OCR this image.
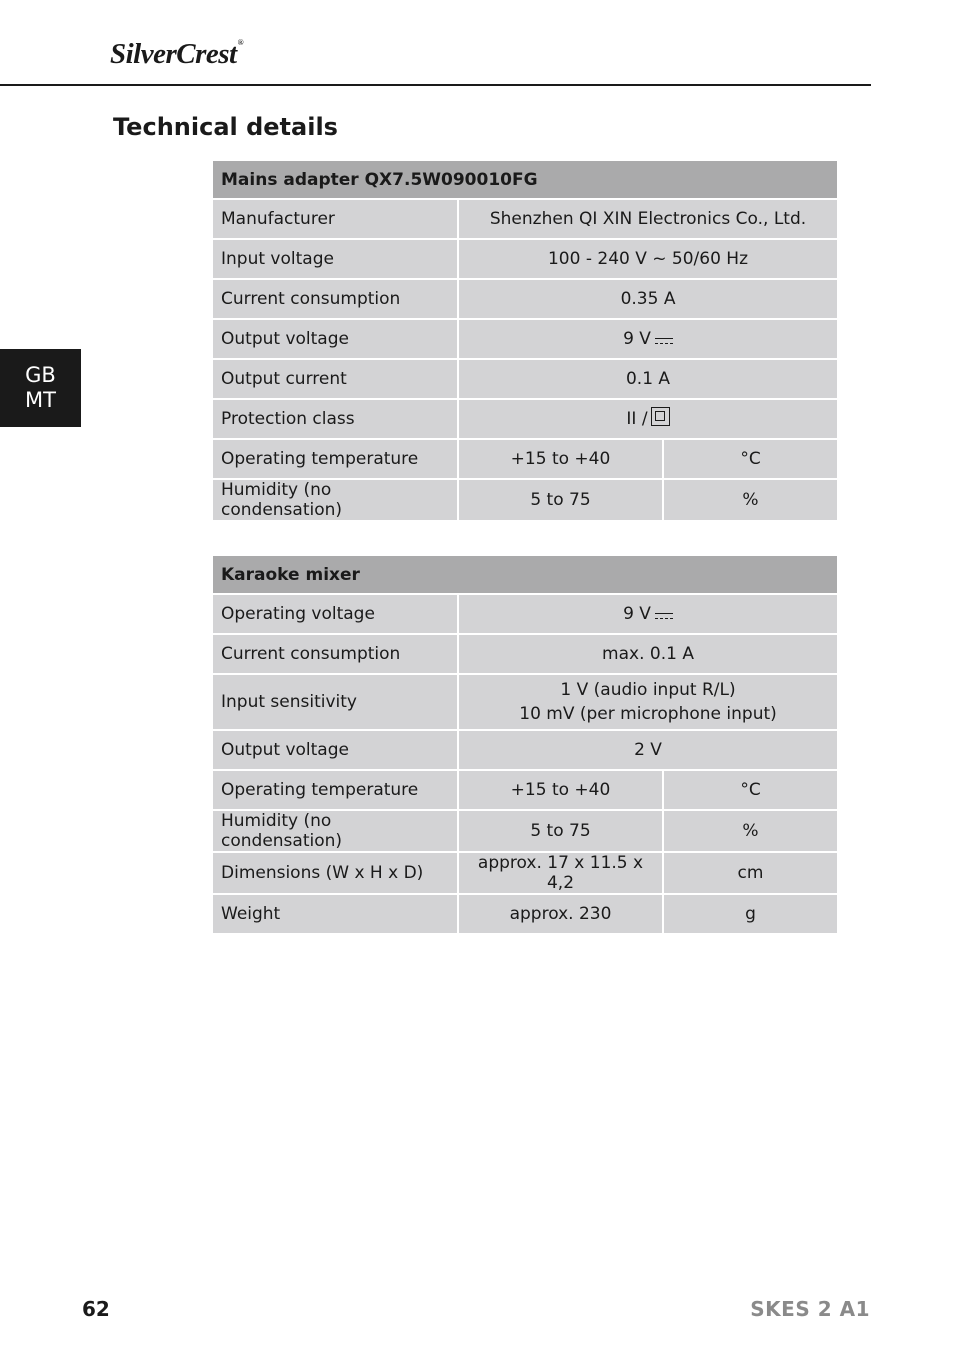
SilverCrest®
Technical details
GB
MT
Mains adapter QX7.5W090010FG		
Manufacturer	Shenzhen QI XIN Electronics Co., Ltd.	
Input voltage	100 - 240 V ~ 50/60 Hz	
Current consumption	0.35 A	
Output voltage	9 V	
Output current	0.1 A	
Protection class	II /	
Operating temperature	+15 to +40	°C
Humidity (no condensation)	5 to 75	%
Karaoke mixer		
Operating voltage	9 V	
Current consumption	max. 0.1 A	
Input sensitivity	1 V (audio input R/L)
10 mV (per microphone input)	

Output voltage	2 V	
Operating temperature	+15 to +40	°C
Humidity (no condensation)	5 to 75	%
Dimensions (W x H x D)	approx. 17 x 11.5 x 4,2	cm
Weight	approx. 230	g
62	SKES 2 A1
